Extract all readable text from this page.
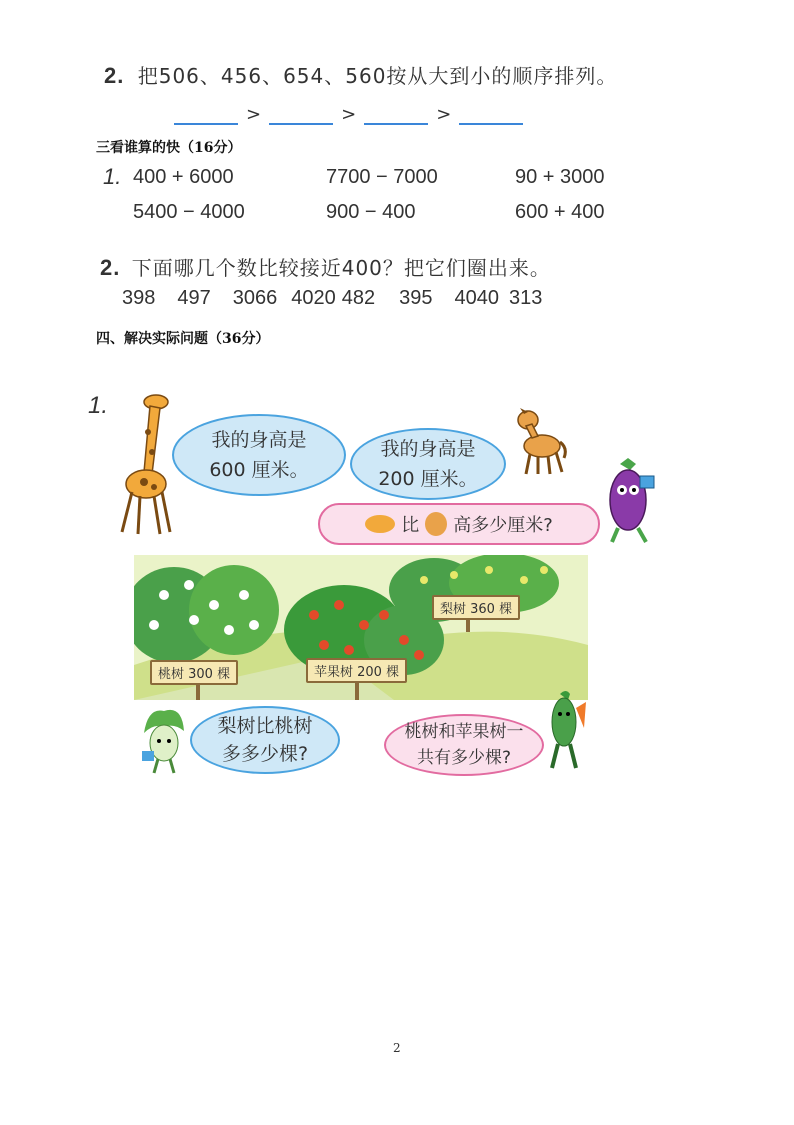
2. 把506、456、654、560按从大到小的顺序排列。
>	>	>
三看谁算的快（16分）
1. 400 + 6000	7700 − 7000	90 + 3000
5400 − 4000	900 − 400	600 + 400
2. 下面哪几个数比较接近400？把它们圈出来。
398 497 3066 4020 482 395 4040 313
四、解决实际问题（36分）
1.
我的身高是
600 厘米。
我的身高是
200 厘米。
比 高多少厘米?
梨树 360 棵
桃树 300 棵	苹果树 200 棵
梨树比桃树
多多少棵?
桃树和苹果树一
共有多少棵?
2
